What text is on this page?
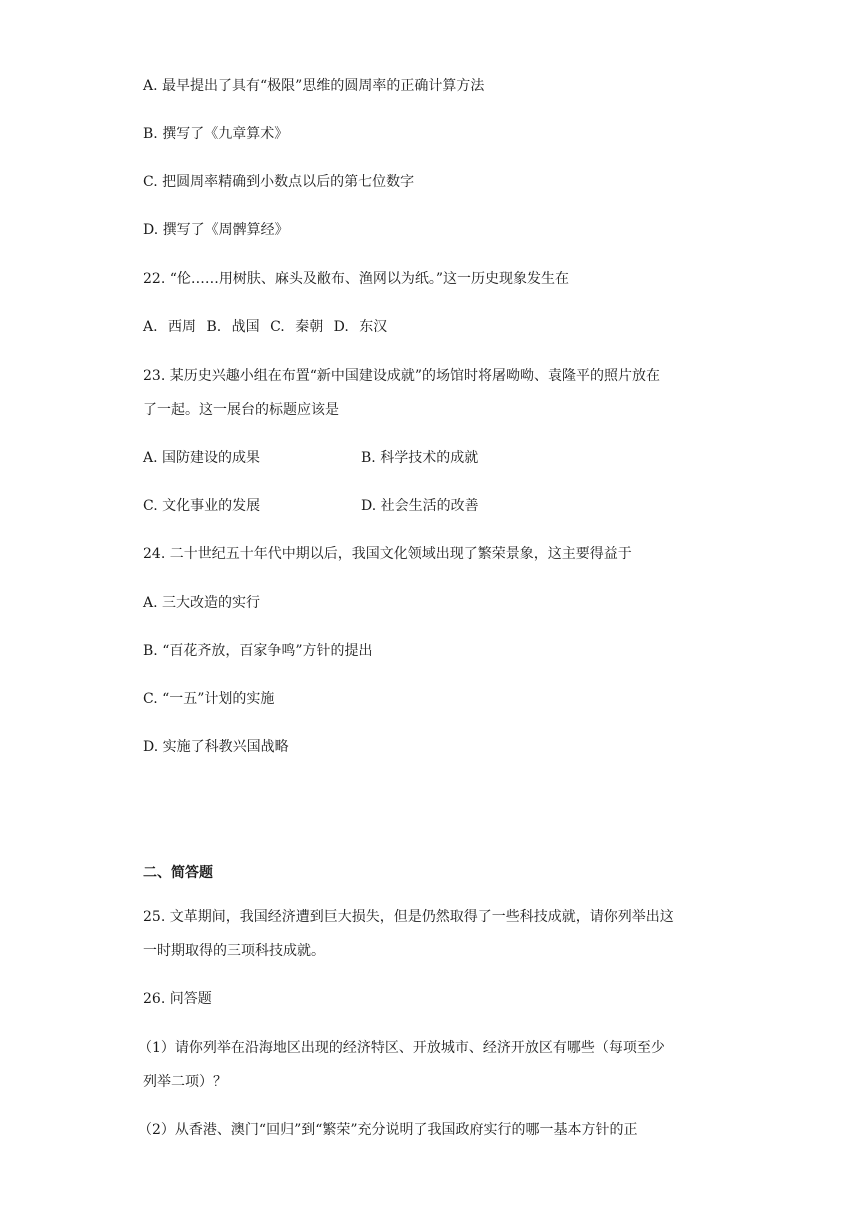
A. 最早提出了具有“极限”思维的圆周率的正确计算方法
B. 撰写了《九章算术》
C. 把圆周率精确到小数点以后的第七位数字
D. 撰写了《周髀算经》
22. “伦……用树肤、麻头及敝布、渔网以为纸。”这一历史现象发生在
A. 西周 B. 战国 C. 秦朝 D. 东汉
23. 某历史兴趣小组在布置“新中国建设成就”的场馆时将屠呦呦、袁隆平的照片放在
了一起。这一展台的标题应该是
A. 国防建设的成果	B. 科学技术的成就
C. 文化事业的发展	D. 社会生活的改善
24. 二十世纪五十年代中期以后，我国文化领域出现了繁荣景象，这主要得益于
A. 三大改造的实行
B. “百花齐放，百家争鸣”方针的提出
C. “一五”计划的实施
D. 实施了科教兴国战略
二、简答题
25. 文革期间，我国经济遭到巨大损失，但是仍然取得了一些科技成就，请你列举出这
一时期取得的三项科技成就。
26. 问答题
（1）请你列举在沿海地区出现的经济特区、开放城市、经济开放区有哪些（每项至少
列举二项）？
（2）从香港、澳门“回归”到“繁荣”充分说明了我国政府实行的哪一基本方针的正
